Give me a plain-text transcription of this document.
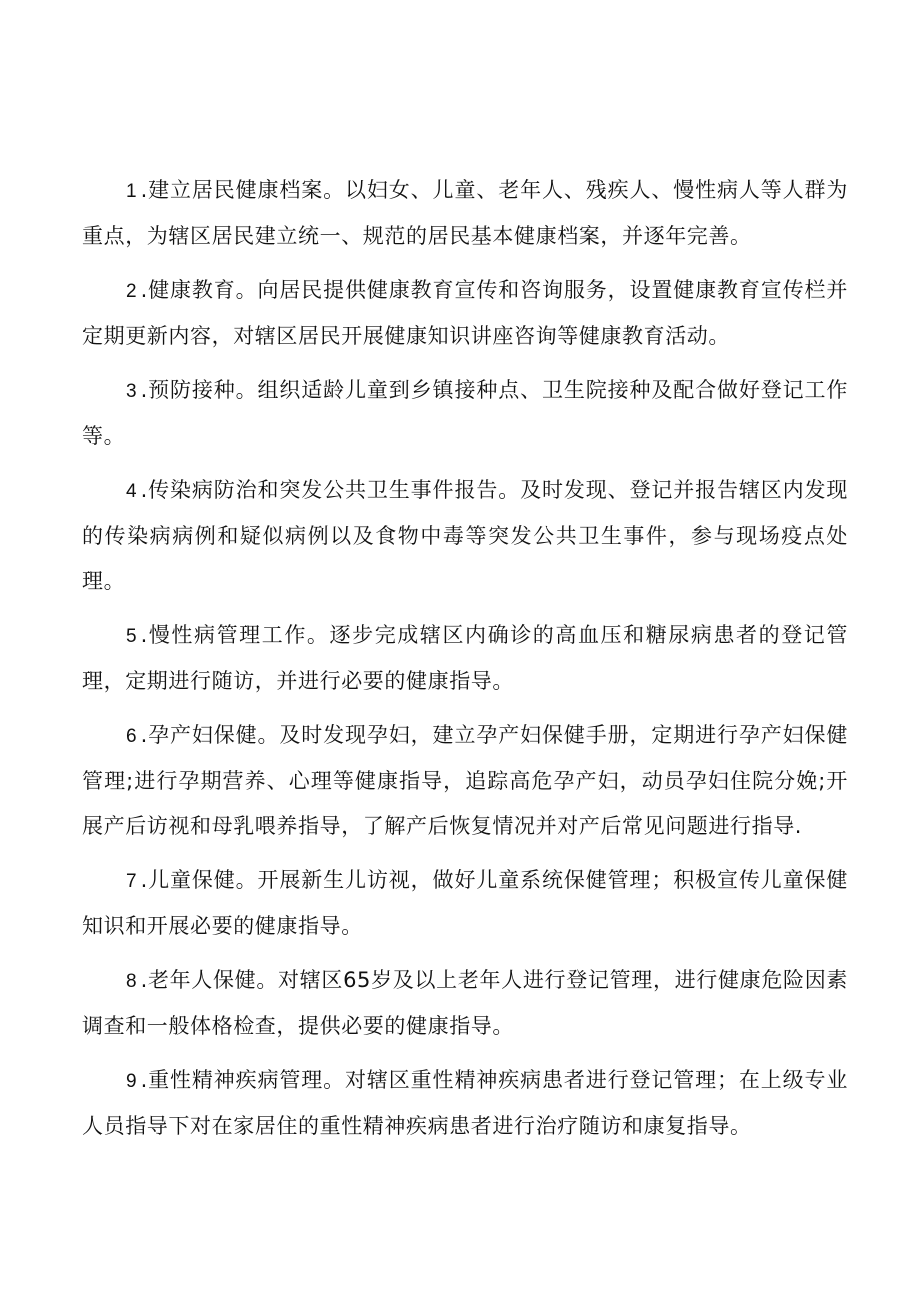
1 .建立居民健康档案。以妇女、儿童、老年人、残疾人、慢性病人等人群为重点，为辖区居民建立统一、规范的居民基本健康档案，并逐年完善。

2 .健康教育。向居民提供健康教育宣传和咨询服务，设置健康教育宣传栏并定期更新内容，对辖区居民开展健康知识讲座咨询等健康教育活动。

3 .预防接种。组织适龄儿童到乡镇接种点、卫生院接种及配合做好登记工作等。

4 .传染病防治和突发公共卫生事件报告。及时发现、登记并报告辖区内发现的传染病病例和疑似病例以及食物中毒等突发公共卫生事件，参与现场疫点处理。

5 .慢性病管理工作。逐步完成辖区内确诊的高血压和糖尿病患者的登记管理，定期进行随访，并进行必要的健康指导。

6 .孕产妇保健。及时发现孕妇，建立孕产妇保健手册，定期进行孕产妇保健管理;进行孕期营养、心理等健康指导，追踪高危孕产妇，动员孕妇住院分娩;开展产后访视和母乳喂养指导，了解产后恢复情况并对产后常见问题进行指导.

7 .儿童保健。开展新生儿访视，做好儿童系统保健管理；积极宣传儿童保健知识和开展必要的健康指导。

8 .老年人保健。对辖区65岁及以上老年人进行登记管理，进行健康危险因素调查和一般体格检查，提供必要的健康指导。

9 .重性精神疾病管理。对辖区重性精神疾病患者进行登记管理；在上级专业人员指导下对在家居住的重性精神疾病患者进行治疗随访和康复指导。
